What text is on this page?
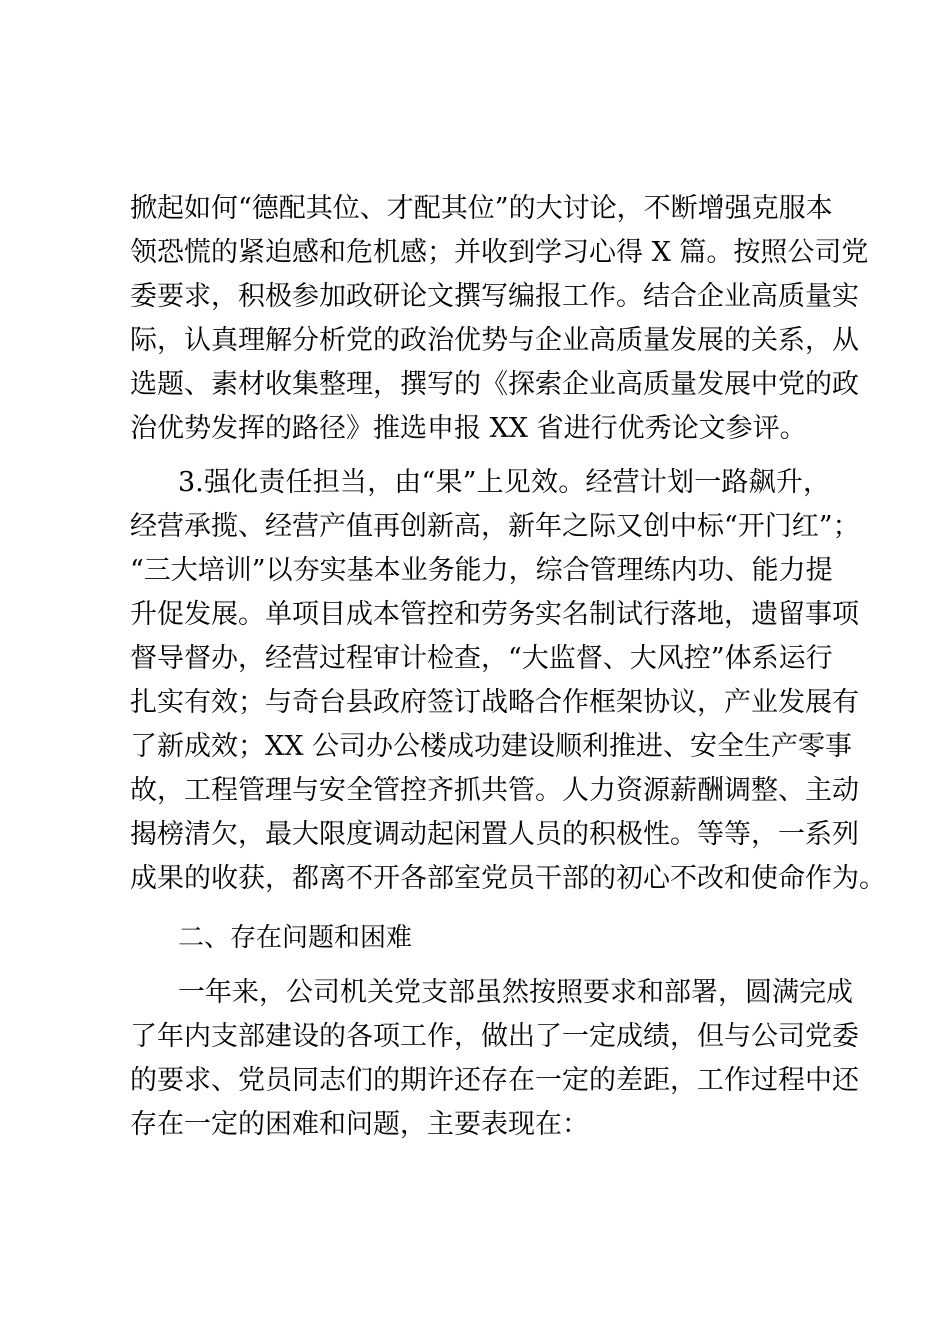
掀起如何“德配其位、才配其位”的大讨论，不断增强克服本
领恐慌的紧迫感和危机感；并收到学习心得 X 篇。按照公司党
委要求，积极参加政研论文撰写编报工作。结合企业高质量实
际，认真理解分析党的政治优势与企业高质量发展的关系，从
选题、素材收集整理，撰写的《探索企业高质量发展中党的政
治优势发挥的路径》推选申报 XX 省进行优秀论文参评。
3.强化责任担当，由“果”上见效。经营计划一路飙升，
经营承揽、经营产值再创新高，新年之际又创中标“开门红”；
“三大培训”以夯实基本业务能力，综合管理练内功、能力提
升促发展。单项目成本管控和劳务实名制试行落地，遗留事项
督导督办，经营过程审计检查，“大监督、大风控”体系运行
扎实有效；与奇台县政府签订战略合作框架协议，产业发展有
了新成效；XX 公司办公楼成功建设顺利推进、安全生产零事
故，工程管理与安全管控齐抓共管。人力资源薪酬调整、主动
揭榜清欠，最大限度调动起闲置人员的积极性。等等，一系列
成果的收获，都离不开各部室党员干部的初心不改和使命作为。
二、存在问题和困难
一年来，公司机关党支部虽然按照要求和部署，圆满完成
了年内支部建设的各项工作，做出了一定成绩，但与公司党委
的要求、党员同志们的期许还存在一定的差距，工作过程中还
存在一定的困难和问题，主要表现在：
